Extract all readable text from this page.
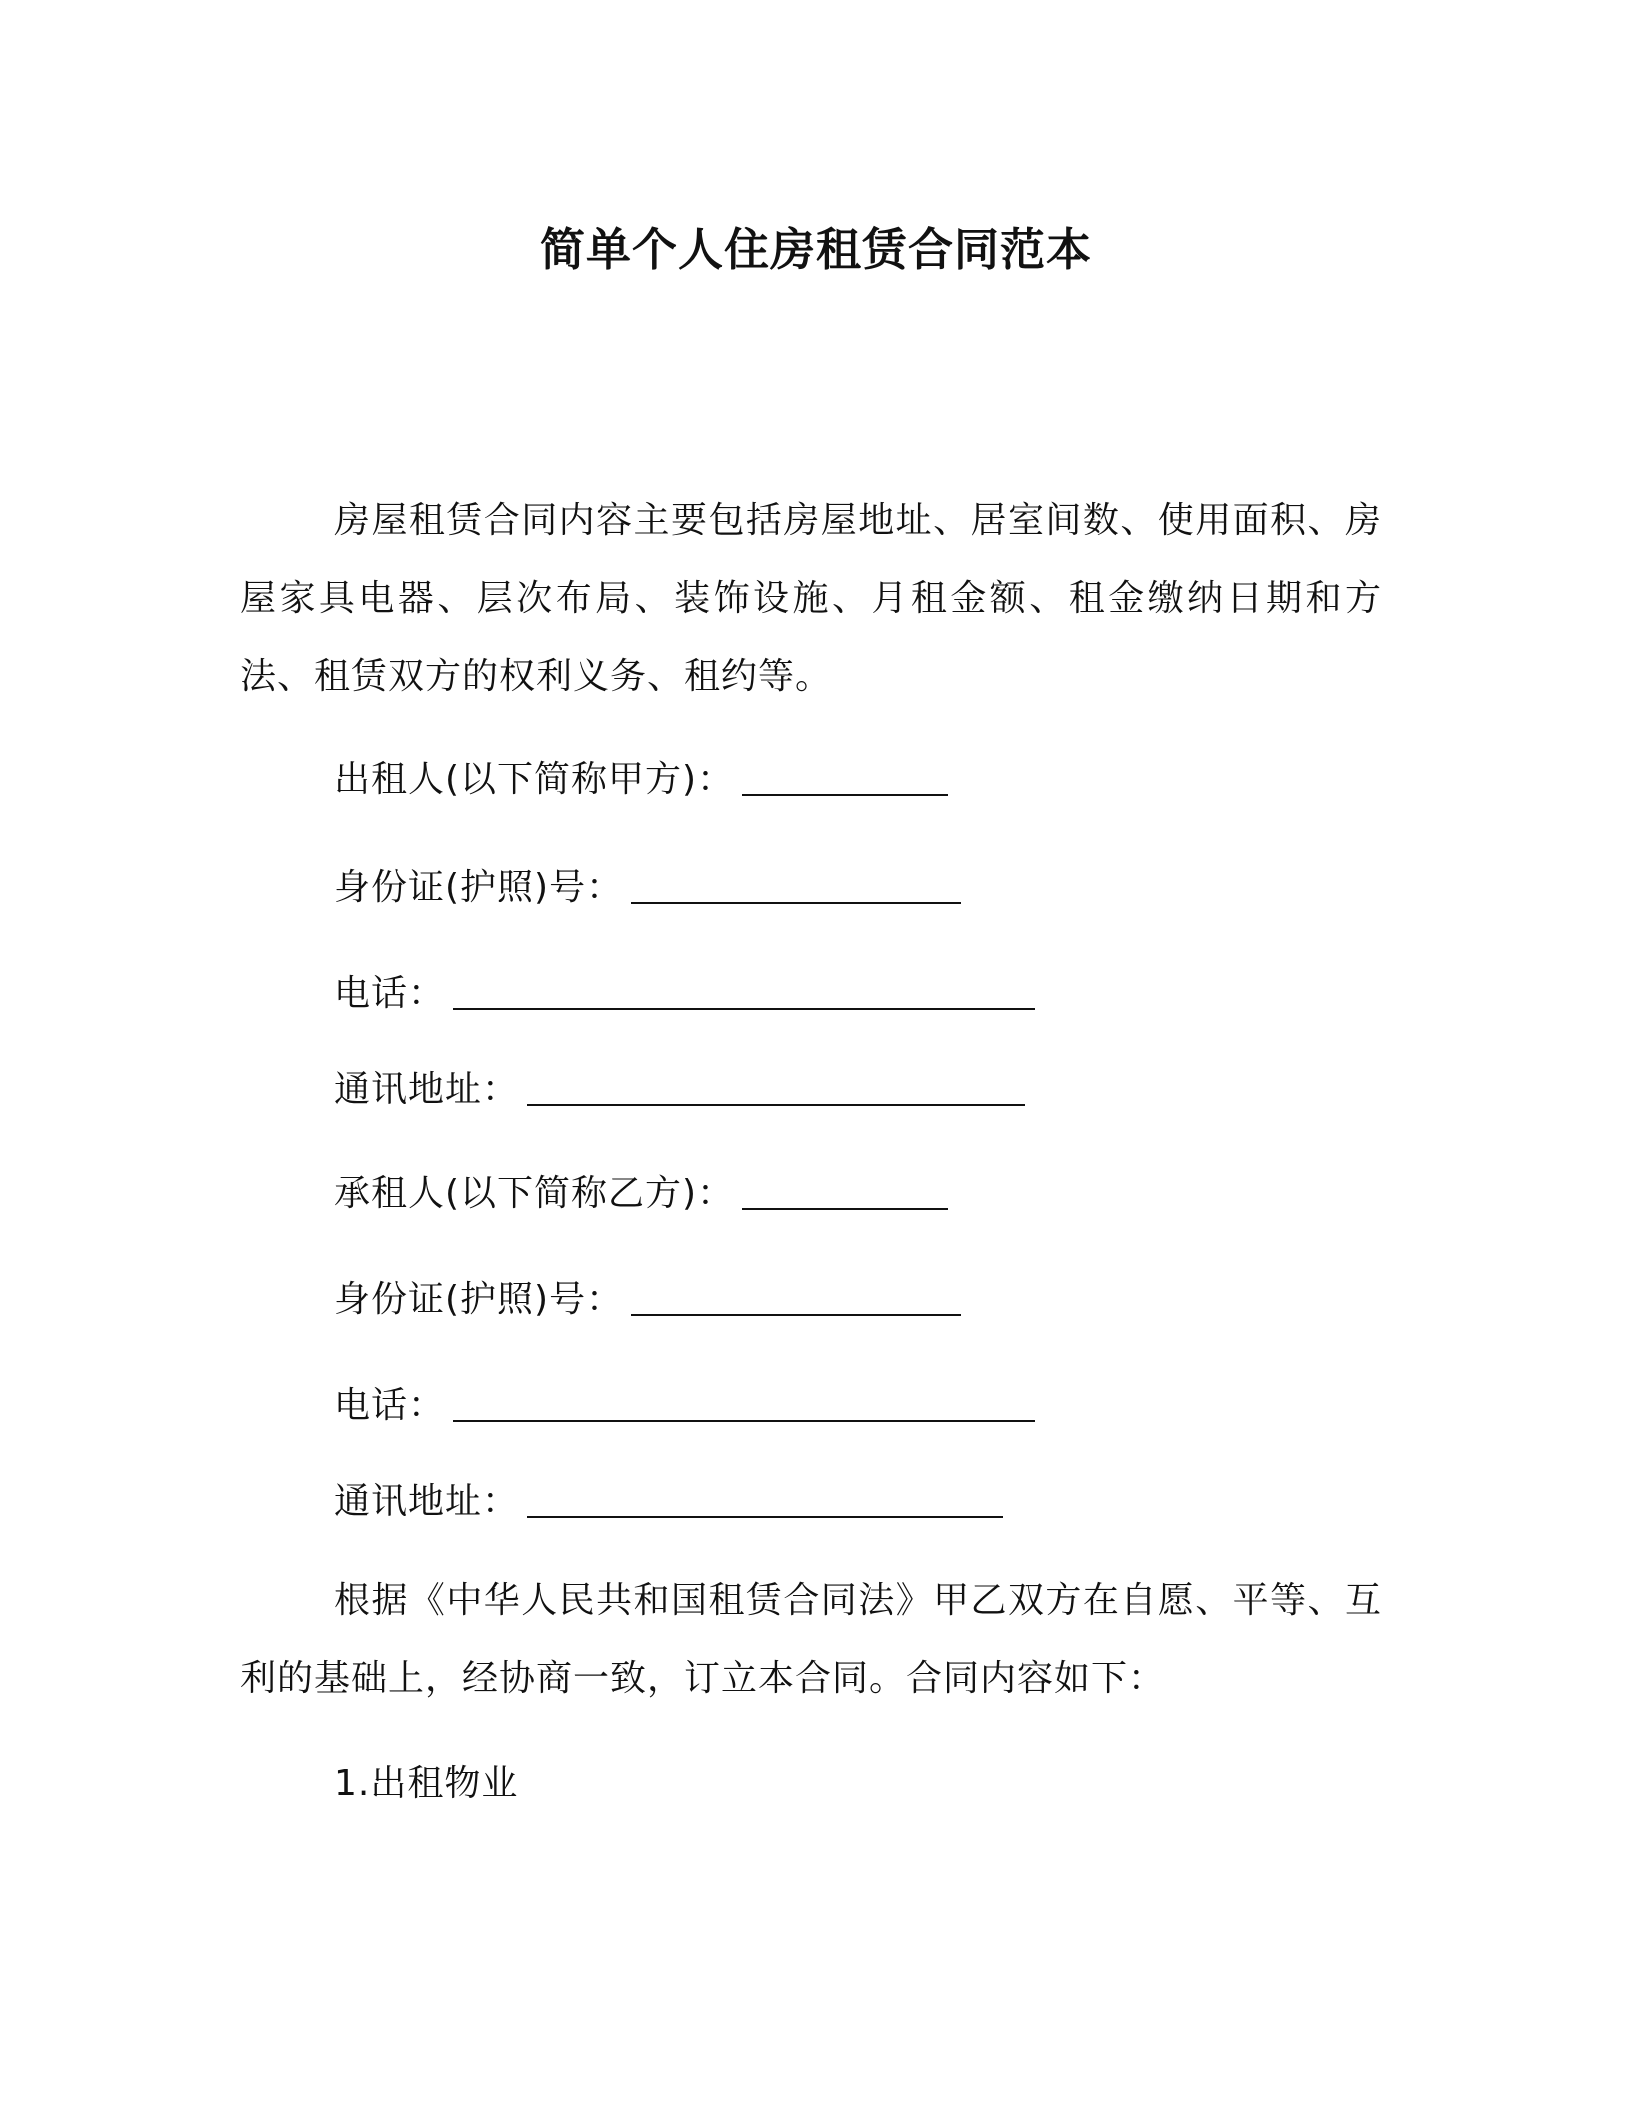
简单个人住房租赁合同范本
房屋租赁合同内容主要包括房屋地址、居室间数、使用面积、房屋家具电器、层次布局、装饰设施、月租金额、租金缴纳日期和方法、租赁双方的权利义务、租约等。
出租人(以下简称甲方)：
身份证(护照)号：
电话：
通讯地址：
承租人(以下简称乙方)：
身份证(护照)号：
电话：
通讯地址：
根据《中华人民共和国租赁合同法》甲乙双方在自愿、平等、互利的基础上，经协商一致，订立本合同。合同内容如下：
1.出租物业
